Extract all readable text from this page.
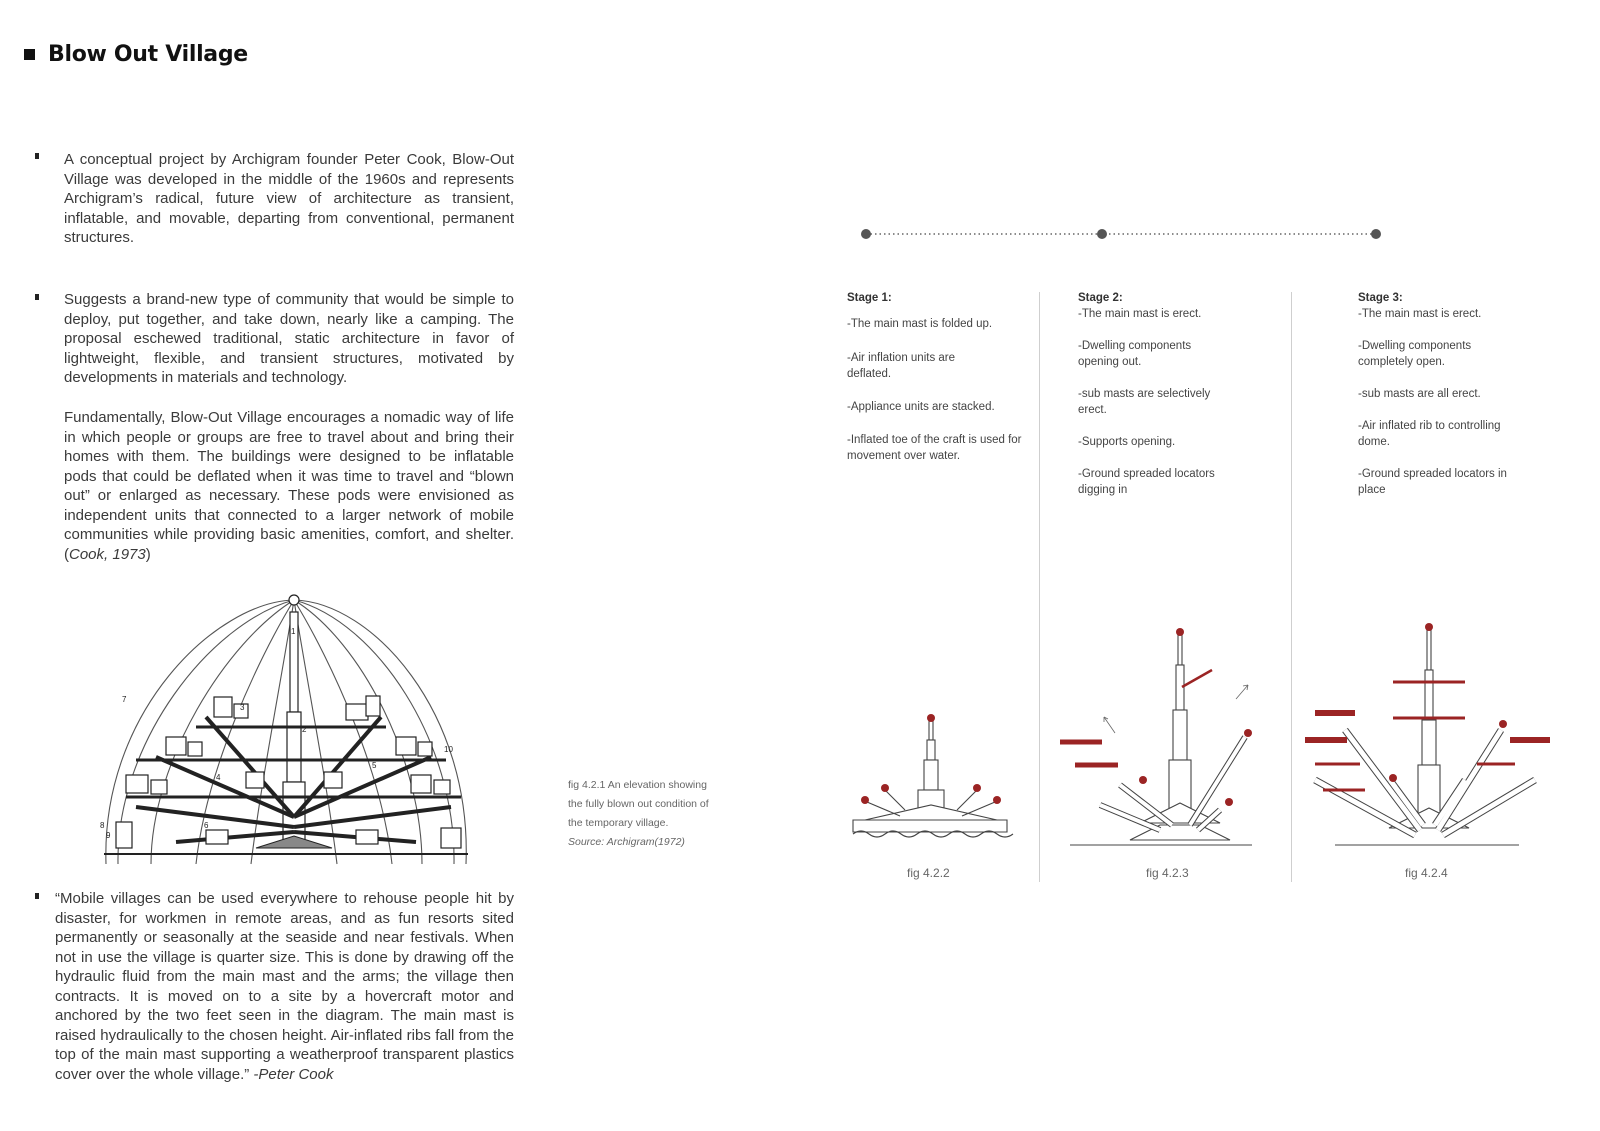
Blow Out Village

A conceptual project by Archigram founder Peter Cook, Blow-Out Village was developed in the middle of the 1960s and represents Archigram’s radical, future view of architecture as transient, inflatable, and movable, departing from conventional, permanent structures.

Suggests a brand-new type of community that would be simple to deploy, put together, and take down, nearly like a camping. The proposal eschewed traditional, static architecture in favor of lightweight, flexible, and transient structures, motivated by developments in materials and technology.

Fundamentally, Blow-Out Village encourages a nomadic way of life in which people or groups are free to travel about and bring their homes with them. The buildings were designed to be inflatable pods that could be deflated when it was time to travel and “blown out” or enlarged as necessary. These pods were envisioned as independent units that connected to a larger network of mobile communities while providing basic amenities, comfort, and shelter. (Cook, 1973)

“Mobile villages can be used everywhere to rehouse people hit by disaster, for workmen in remote areas, and as fun resorts sited permanently or seasonally at the seaside and near festivals. When not in use the village is quarter size. This is done by drawing off the hydraulic fluid from the main mast and the arms; the village then contracts. It is moved on to a site by a hovercraft motor and anchored by the two feet seen in the diagram. The main mast is raised hydraulically to the chosen height. Air-inflated ribs fall from the top of the main mast supporting a weatherproof transparent plastics cover over the whole village.” -Peter Cook

1
2
3
4
5
6
7
8
9
10
fig 4.2.1 An elevation showing
the fully blown out condition of
the temporary village.
Source: Archigram(1972)
Stage 1:
-The main mast is folded up.
-Air inflation units are
deflated.
-Appliance units are stacked.
-Inflated toe of the craft is used for
movement over water.
Stage 2:
-The main mast is erect.
-Dwelling components
opening out.
-sub masts are selectively
erect.
-Supports opening.
-Ground spreaded locators
digging in
Stage 3:
-The main mast is erect.
-Dwelling components
completely open.
-sub masts are all erect.
-Air inflated rib to controlling
dome.
-Ground spreaded locators in
place
fig 4.2.2	fig 4.2.3	fig 4.2.4
